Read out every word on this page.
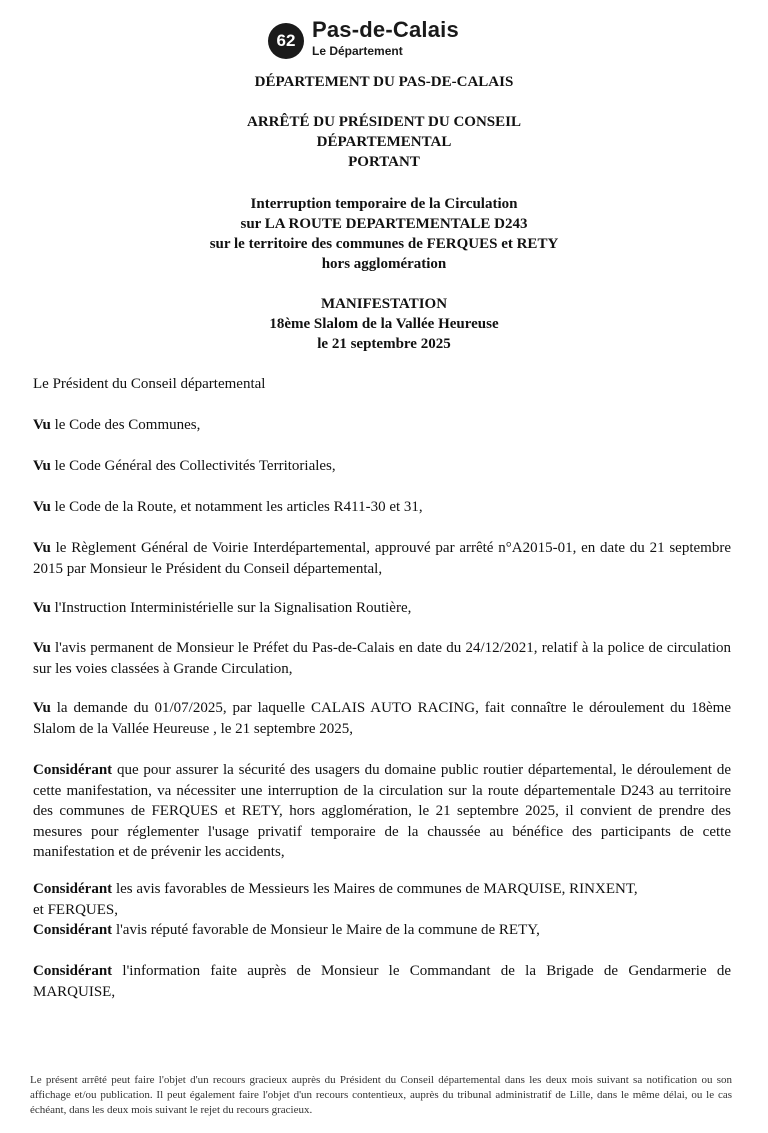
62 Pas-de-Calais
Le Département

DÉPARTEMENT DU PAS-DE-CALAIS

ARRÊTÉ DU PRÉSIDENT DU CONSEIL

DÉPARTEMENTAL

PORTANT

Interruption temporaire de la Circulation

sur LA ROUTE DEPARTEMENTALE D243

sur le territoire des communes de FERQUES et RETY

hors agglomération

MANIFESTATION

18ème Slalom de la Vallée Heureuse

le 21 septembre 2025

Le Président du Conseil départemental

Vu le Code des Communes,

Vu le Code Général des Collectivités Territoriales,

Vu le Code de la Route, et notamment les articles R411-30 et 31,

Vu le Règlement Général de Voirie Interdépartemental, approuvé par arrêté n°A2015-01, en date du 21 septembre 2015 par Monsieur le Président du Conseil départemental,

Vu l'Instruction Interministérielle sur la Signalisation Routière,

Vu l'avis permanent de Monsieur le Préfet du Pas-de-Calais en date du 24/12/2021, relatif à la police de circulation sur les voies classées à Grande Circulation,

Vu la demande du 01/07/2025, par laquelle CALAIS AUTO RACING, fait connaître le déroulement du 18ème Slalom de la Vallée Heureuse , le 21 septembre 2025,

Considérant que pour assurer la sécurité des usagers du domaine public routier départemental, le déroulement de cette manifestation, va nécessiter une interruption de la circulation sur la route départementale D243 au territoire des communes de FERQUES et RETY, hors agglomération, le 21 septembre 2025, il convient de prendre des mesures pour réglementer l'usage privatif temporaire de la chaussée au bénéfice des participants de cette manifestation et de prévenir les accidents,

Considérant les avis favorables de Messieurs les Maires de communes de MARQUISE, RINXENT,
et FERQUES,
Considérant l'avis réputé favorable de Monsieur le Maire de la commune de RETY,

Considérant l'information faite auprès de Monsieur le Commandant de la Brigade de Gendarmerie de MARQUISE,

Le présent arrêté peut faire l'objet d'un recours gracieux auprès du Président du Conseil départemental dans les deux mois suivant sa notification ou son affichage et/ou publication. Il peut également faire l'objet d'un recours contentieux, auprès du tribunal administratif de Lille, dans le même délai, ou le cas échéant, dans les deux mois suivant le rejet du recours gracieux.
